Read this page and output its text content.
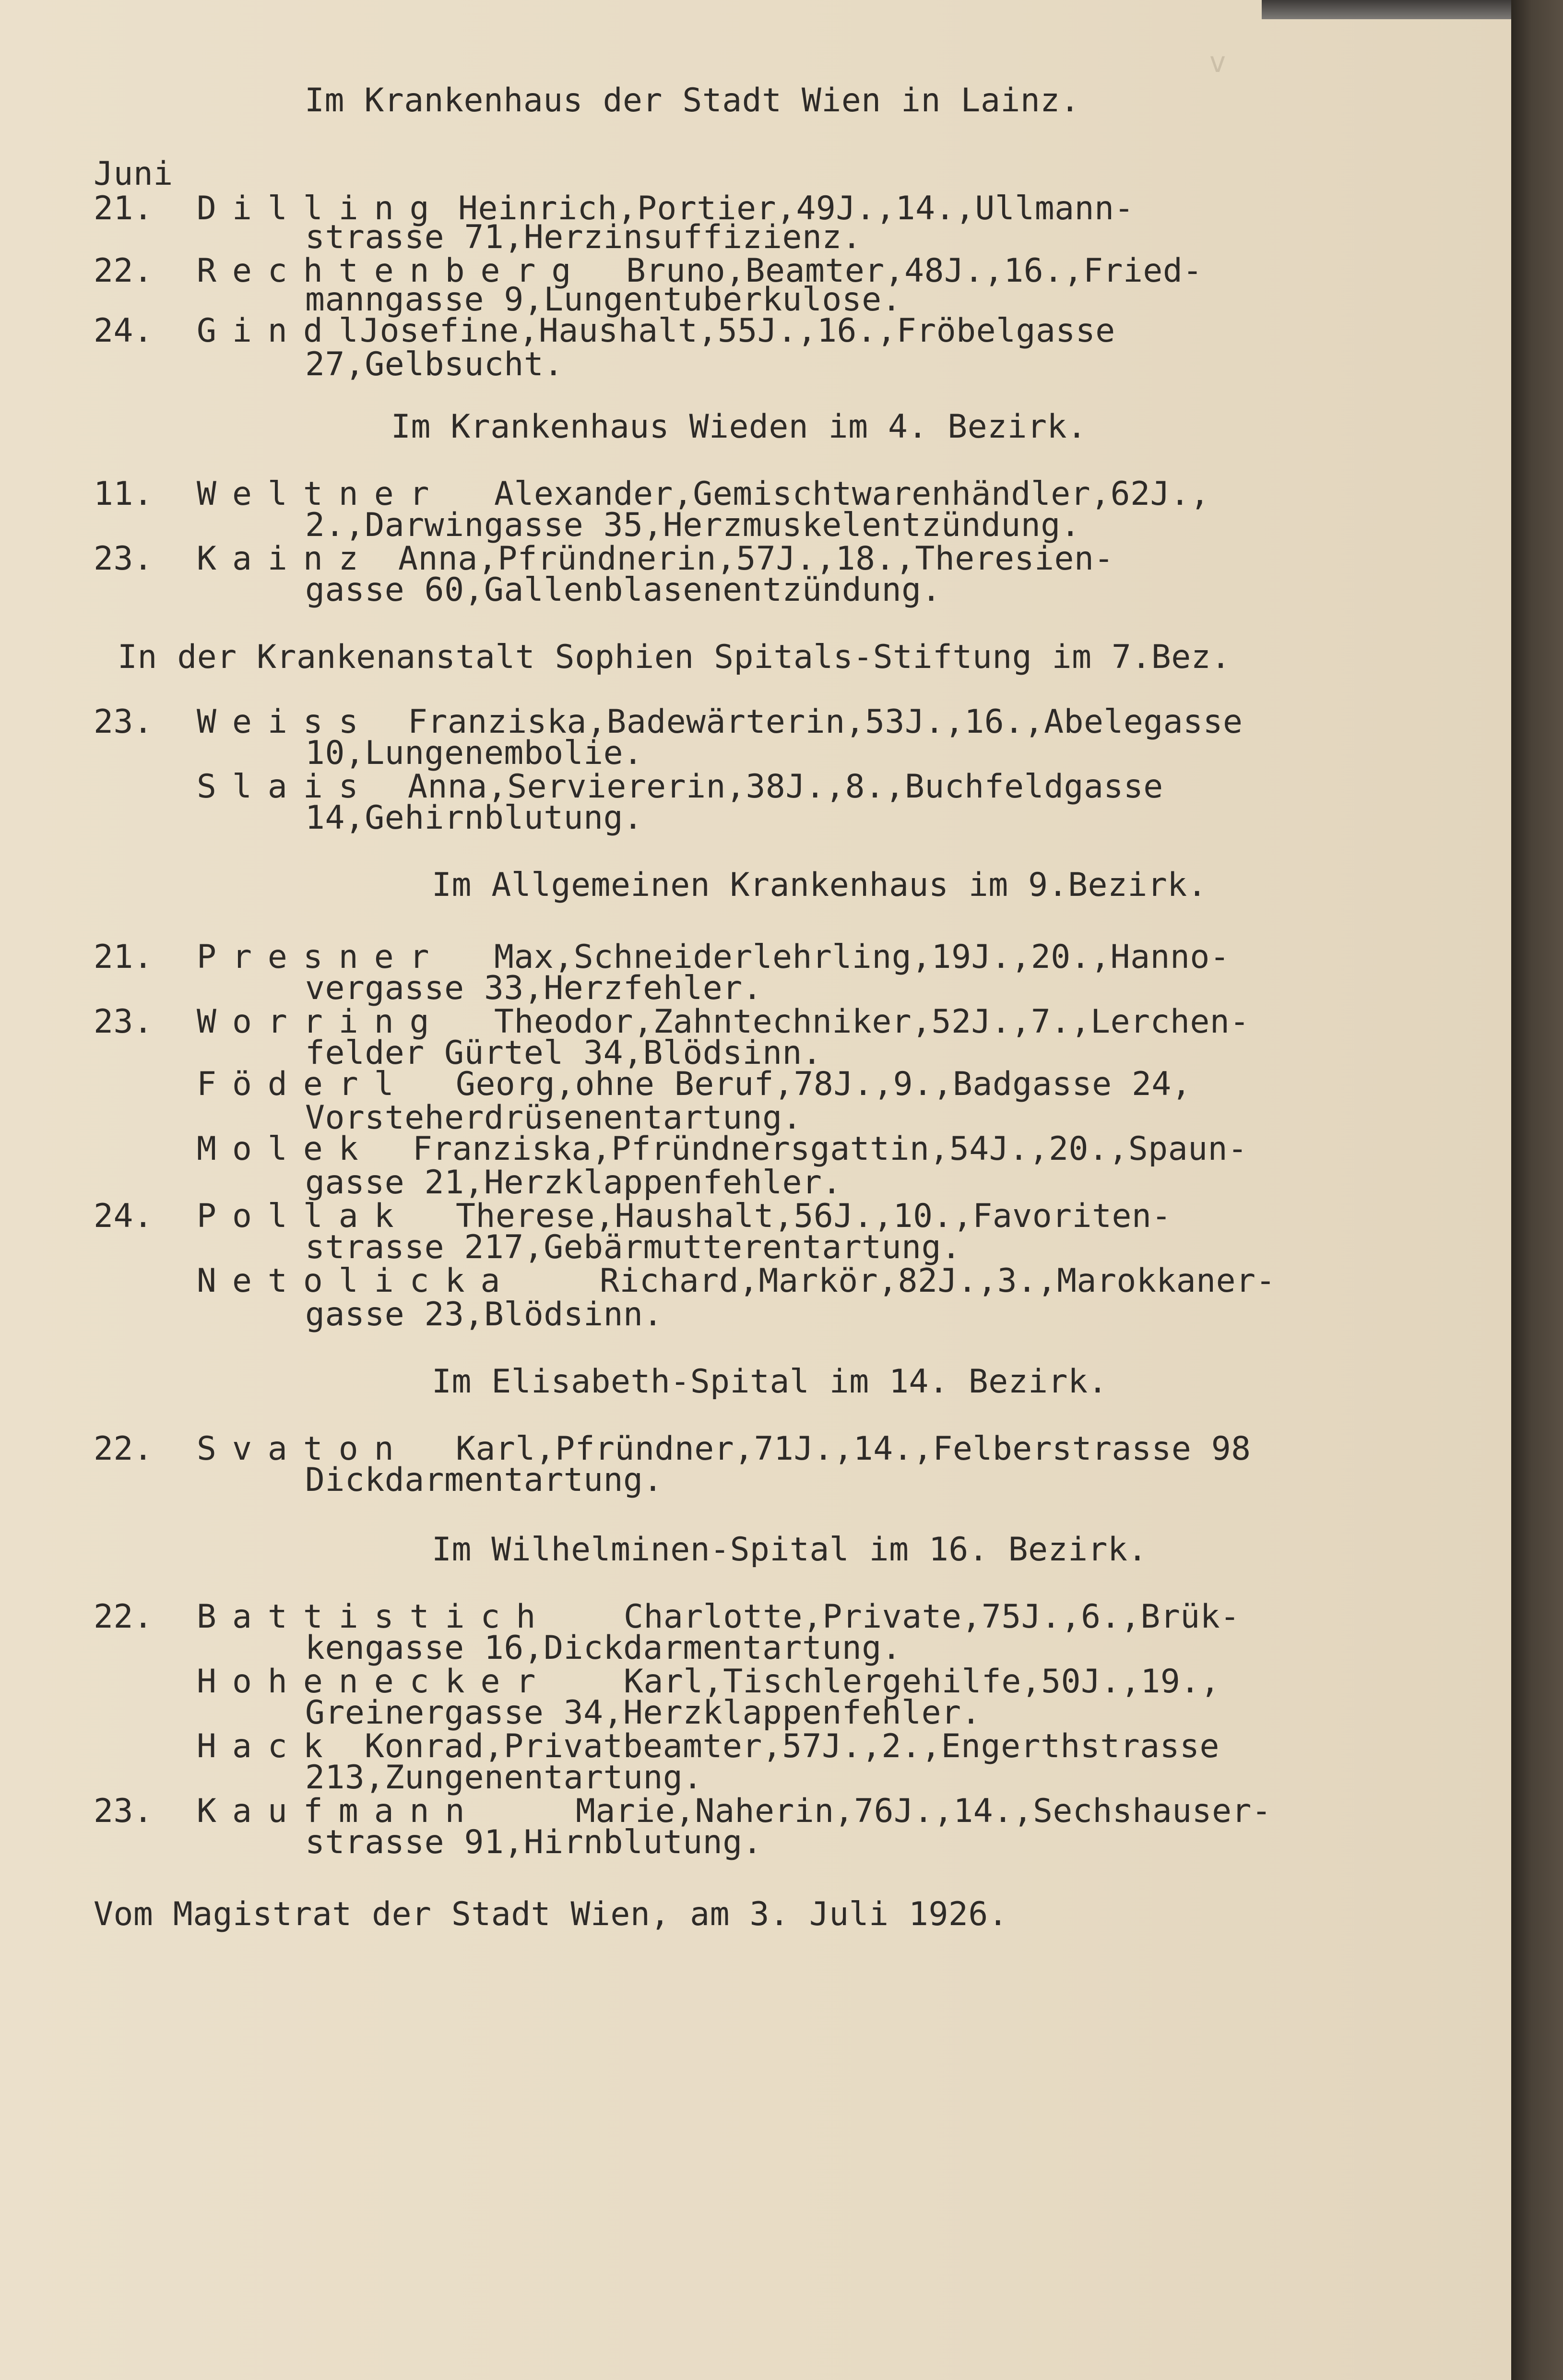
v
Im Krankenhaus der Stadt Wien in Lainz.
Juni
21. Dilling Heinrich,Portier,49J.,14.,Ullmann-
strasse 71,Herzinsuffizienz.
22. Rechtenberg Bruno,Beamter,48J.,16.,Fried-
manngasse 9,Lungentuberkulose.
24. Gindl
Josefine,Haushalt,55J.,16.,Fröbelgasse
27,Gelbsucht.
Im Krankenhaus Wieden im 4. Bezirk.
11. Weltner Alexander,Gemischtwarenhändler,62J.,
2.,Darwingasse 35,Herzmuskelentzündung.
23. Kainz Anna,Pfründnerin,57J.,18.,Theresien-
gasse 60,Gallenblasenentzündung.
In der Krankenanstalt Sophien Spitals-Stiftung im 7.Bez.
23. Weiss Franziska,Badewärterin,53J.,16.,Abelegasse
10,Lungenembolie.
Slais Anna,Serviererin,38J.,8.,Buchfeldgasse
14,Gehirnblutung.
Im Allgemeinen Krankenhaus im 9.Bezirk.
21. Presner Max,Schneiderlehrling,19J.,20.,Hanno-
vergasse 33,Herzfehler.
23. Worring Theodor,Zahntechniker,52J.,7.,Lerchen-
felder Gürtel 34,Blödsinn.
Föderl Georg,ohne Beruf,78J.,9.,Badgasse 24,
Vorsteherdrüsenentartung.
Molek Franziska,Pfründnersgattin,54J.,20.,Spaun-
gasse 21,Herzklappenfehler.
24. Pollak Therese,Haushalt,56J.,10.,Favoriten-
strasse 217,Gebärmutterentartung.
Netolicka	Richard,Markör,82J.,3.,Marokkaner-
gasse 23,Blödsinn.
Im Elisabeth-Spital im 14. Bezirk.
22. Svaton Karl,Pfründner,71J.,14.,Felberstrasse 98
Dickdarmentartung.
Im Wilhelminen-Spital im 16. Bezirk.
22. Battistich Charlotte,Private,75J.,6.,Brük-
kengasse 16,Dickdarmentartung.
Hohenecker Karl,Tischlergehilfe,50J.,19.,
Greinergasse 34,Herzklappenfehler.
Hack Konrad,Privatbeamter,57J.,2.,Engerthstrasse
213,Zungenentartung.
23. Kaufmann	Marie,Naherin,76J.,14.,Sechshauser-
strasse 91,Hirnblutung.
Vom Magistrat der Stadt Wien, am 3. Juli 1926.
